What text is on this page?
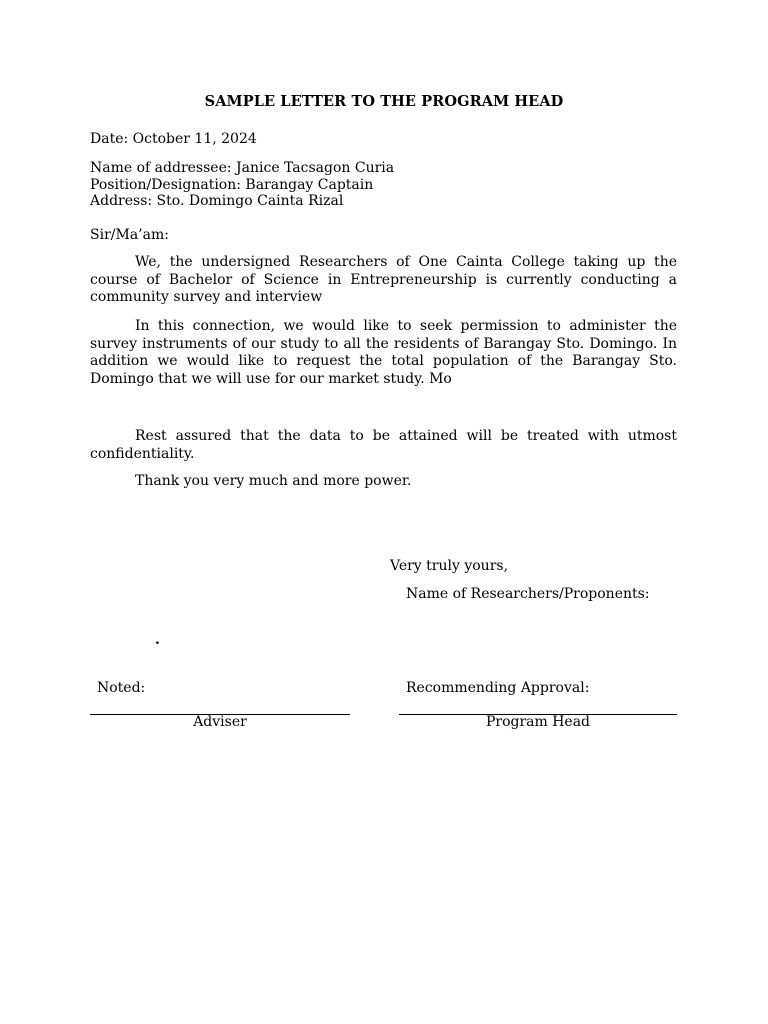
SAMPLE LETTER TO THE PROGRAM HEAD
Date: October 11, 2024
Name of addressee: Janice Tacsagon Curia
Position/Designation: Barangay Captain
Address: Sto. Domingo Cainta Rizal
Sir/Ma’am:
We, the undersigned Researchers of One Cainta College taking up the course of Bachelor of Science in Entrepreneurship is currently conducting a community survey and interview
In this connection, we would like to seek permission to administer the survey instruments of our study to all the residents of Barangay Sto. Domingo. In addition we would like to request the total population of the Barangay Sto. Domingo that we will use for our market study. Mo
Rest assured that the data to be attained will be treated with utmost confidentiality.
Thank you very much and more power.
Very truly yours,
Name of Researchers/Proponents:
.
Noted:	Recommending Approval:
Adviser	Program Head
